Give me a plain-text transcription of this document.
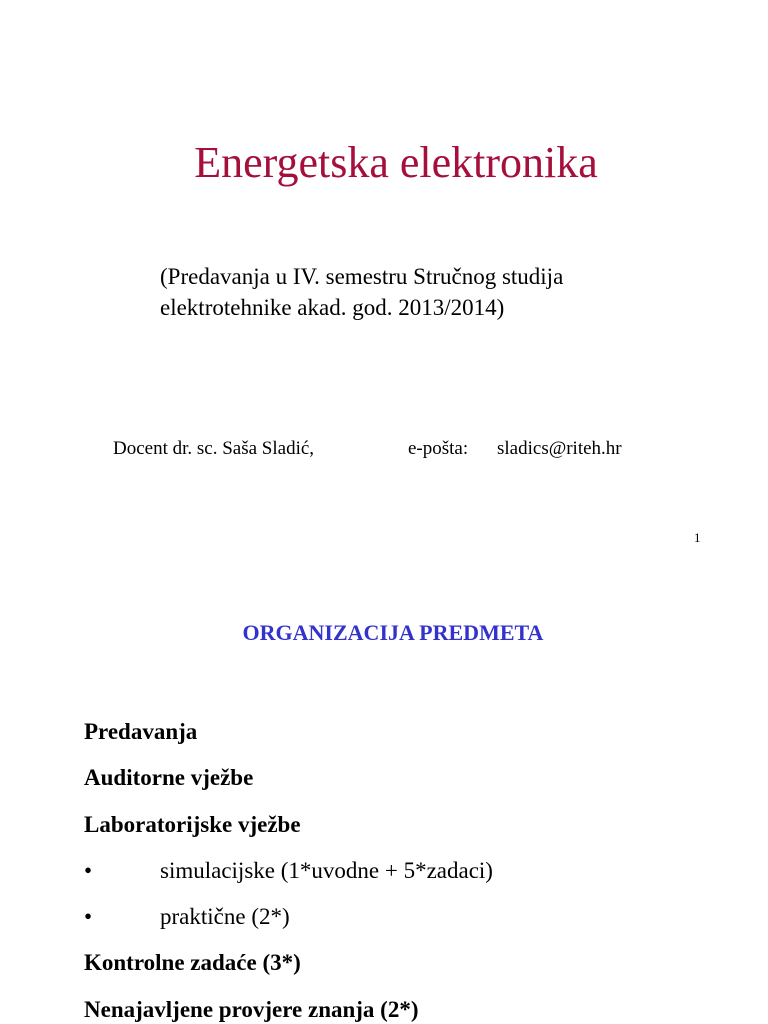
Energetska elektronika
(Predavanja u IV. semestru Stručnog studija
elektrotehnike akad. god. 2013/2014)
Docent dr. sc. Saša Sladić,	e-pošta: sladics@riteh.hr
1
ORGANIZACIJA PREDMETA
Predavanja
Auditorne vježbe
Laboratorijske vježbe
•	simulacijske (1*uvodne + 5*zadaci)
•	praktične (2*)
Kontrolne zadaće (3*)
Nenajavljene provjere znanja (2*)
